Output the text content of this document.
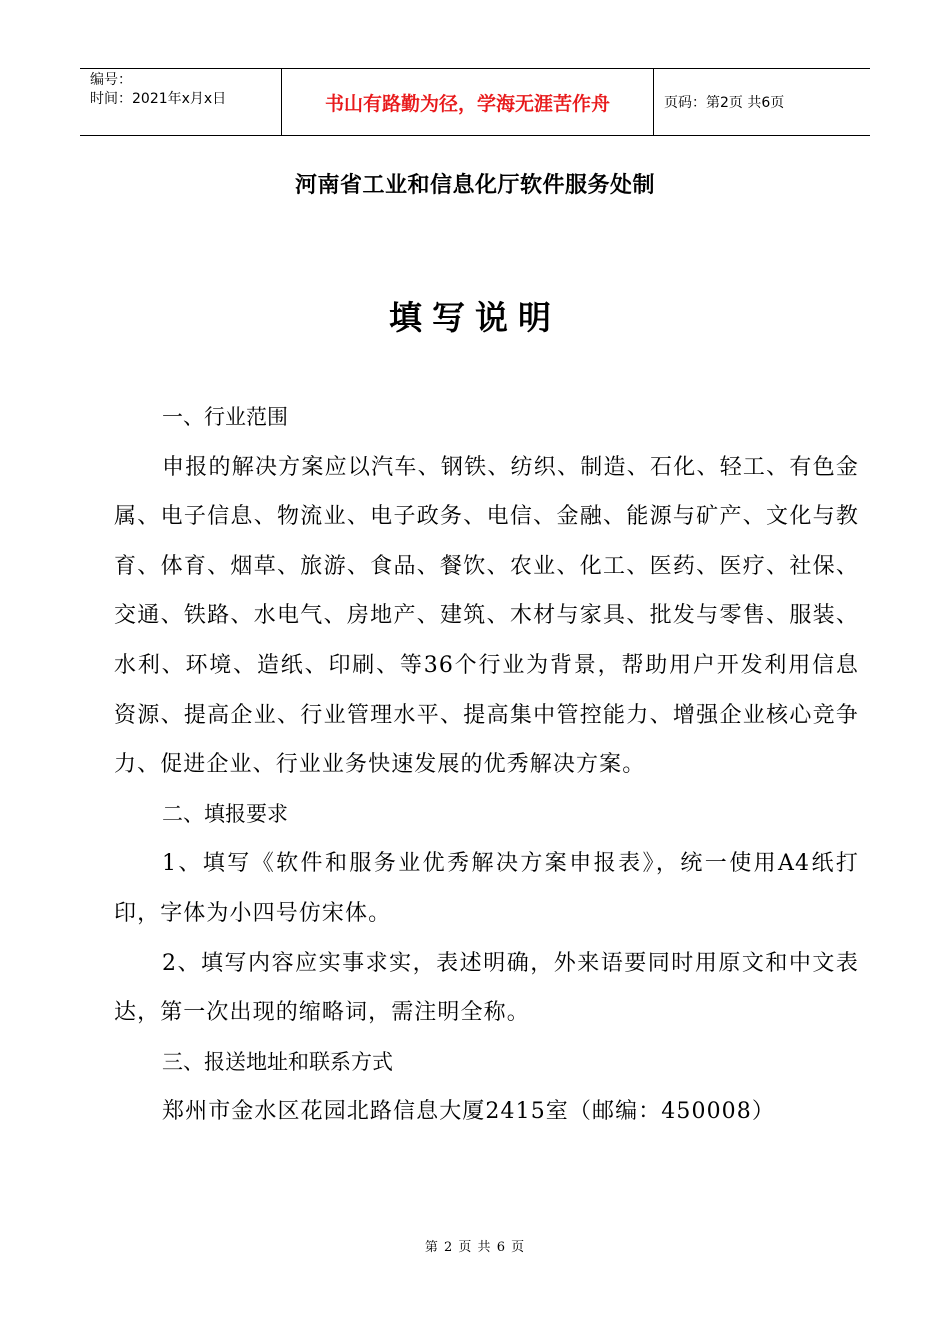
编号：
时间：2021年x月x日	书山有路勤为径，学海无涯苦作舟	页码：第2页 共6页
河南省工业和信息化厅软件服务处制
填写说明

一、行业范围

申报的解决方案应以汽车、钢铁、纺织、制造、石化、轻工、有色金属、电子信息、物流业、电子政务、电信、金融、能源与矿产、文化与教育、体育、烟草、旅游、食品、餐饮、农业、化工、医药、医疗、社保、交通、铁路、水电气、房地产、建筑、木材与家具、批发与零售、服装、水利、环境、造纸、印刷、等36个行业为背景，帮助用户开发利用信息资源、提高企业、行业管理水平、提高集中管控能力、增强企业核心竞争力、促进企业、行业业务快速发展的优秀解决方案。

二、填报要求

1、填写《软件和服务业优秀解决方案申报表》，统一使用A4纸打印，字体为小四号仿宋体。

2、填写内容应实事求实，表述明确，外来语要同时用原文和中文表达，第一次出现的缩略词，需注明全称。

三、报送地址和联系方式

郑州市金水区花园北路信息大厦2415室（邮编：450008）

第 2 页 共 6 页
